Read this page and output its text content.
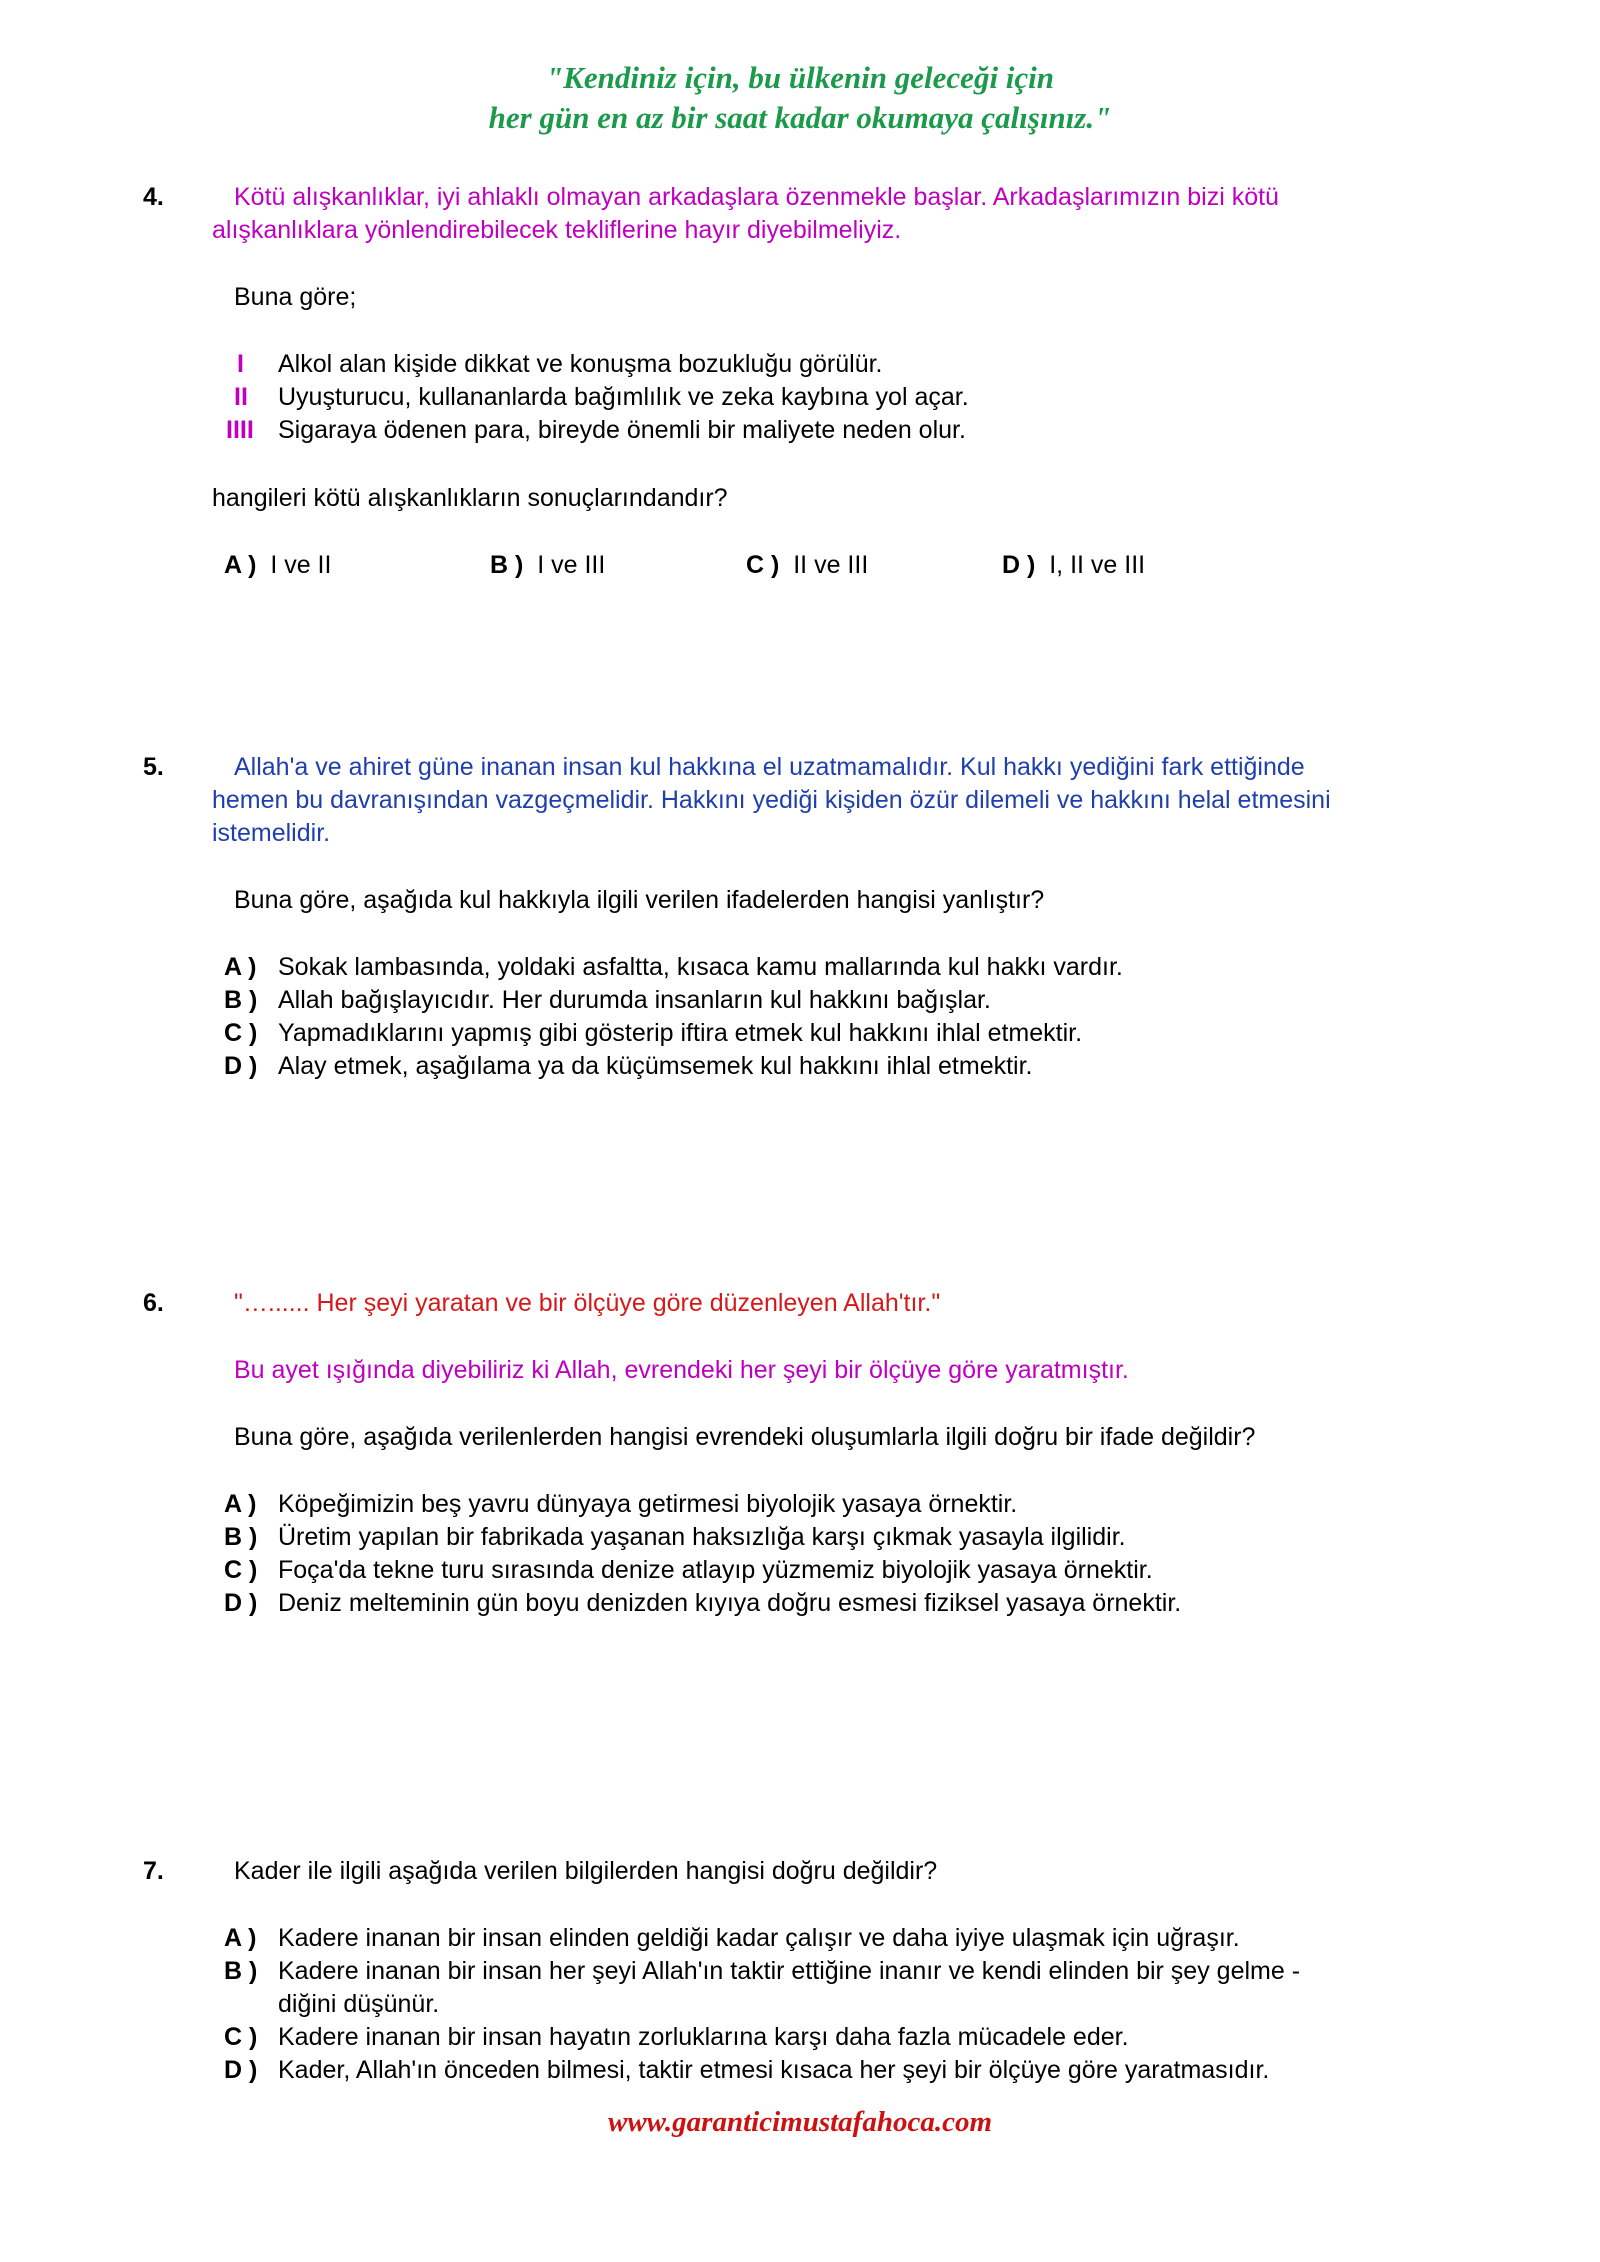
"Kendiniz için, bu ülkenin geleceği için
her gün en az bir saat kadar okumaya çalışınız."
4.	Kötü alışkanlıklar, iyi ahlaklı olmayan arkadaşlara özenmekle başlar. Arkadaşlarımızın bizi kötü
alışkanlıklara yönlendirebilecek tekliflerine hayır diyebilmeliyiz.
Buna göre;
I Alkol alan kişide dikkat ve konuşma bozukluğu görülür.
II Uyuşturucu, kullananlarda bağımlılık ve zeka kaybına yol açar.
IIII Sigaraya ödenen para, bireyde önemli bir maliyete neden olur.
hangileri kötü alışkanlıkların sonuçlarındandır?
A ) I ve II	B ) I ve III	C ) II ve III	D ) I, II ve III
5.	Allah'a ve ahiret güne inanan insan kul hakkına el uzatmamalıdır. Kul hakkı yediğini fark ettiğinde
hemen bu davranışından vazgeçmelidir. Hakkını yediği kişiden özür dilemeli ve hakkını helal etmesini
istemelidir.
Buna göre, aşağıda kul hakkıyla ilgili verilen ifadelerden hangisi yanlıştır?
A ) Sokak lambasında, yoldaki asfaltta, kısaca kamu mallarında kul hakkı vardır.
B ) Allah bağışlayıcıdır. Her durumda insanların kul hakkını bağışlar.
C ) Yapmadıklarını yapmış gibi gösterip iftira etmek kul hakkını ihlal etmektir.
D ) Alay etmek, aşağılama ya da küçümsemek kul hakkını ihlal etmektir.
6.	"…...... Her şeyi yaratan ve bir ölçüye göre düzenleyen Allah'tır."
Bu ayet ışığında diyebiliriz ki Allah, evrendeki her şeyi bir ölçüye göre yaratmıştır.
Buna göre, aşağıda verilenlerden hangisi evrendeki oluşumlarla ilgili doğru bir ifade değildir?
A ) Köpeğimizin beş yavru dünyaya getirmesi biyolojik yasaya örnektir.
B ) Üretim yapılan bir fabrikada yaşanan haksızlığa karşı çıkmak yasayla ilgilidir.
C ) Foça'da tekne turu sırasında denize atlayıp yüzmemiz biyolojik yasaya örnektir.
D ) Deniz melteminin gün boyu denizden kıyıya doğru esmesi fiziksel yasaya örnektir.
7.	Kader ile ilgili aşağıda verilen bilgilerden hangisi doğru değildir?
A ) Kadere inanan bir insan elinden geldiği kadar çalışır ve daha iyiye ulaşmak için uğraşır.
B ) Kadere inanan bir insan her şeyi Allah'ın taktir ettiğine inanır ve kendi elinden bir şey gelme -
diğini düşünür.
C ) Kadere inanan bir insan hayatın zorluklarına karşı daha fazla mücadele eder.
D ) Kader, Allah'ın önceden bilmesi, taktir etmesi kısaca her şeyi bir ölçüye göre yaratmasıdır.
www.garanticimustafahoca.com
